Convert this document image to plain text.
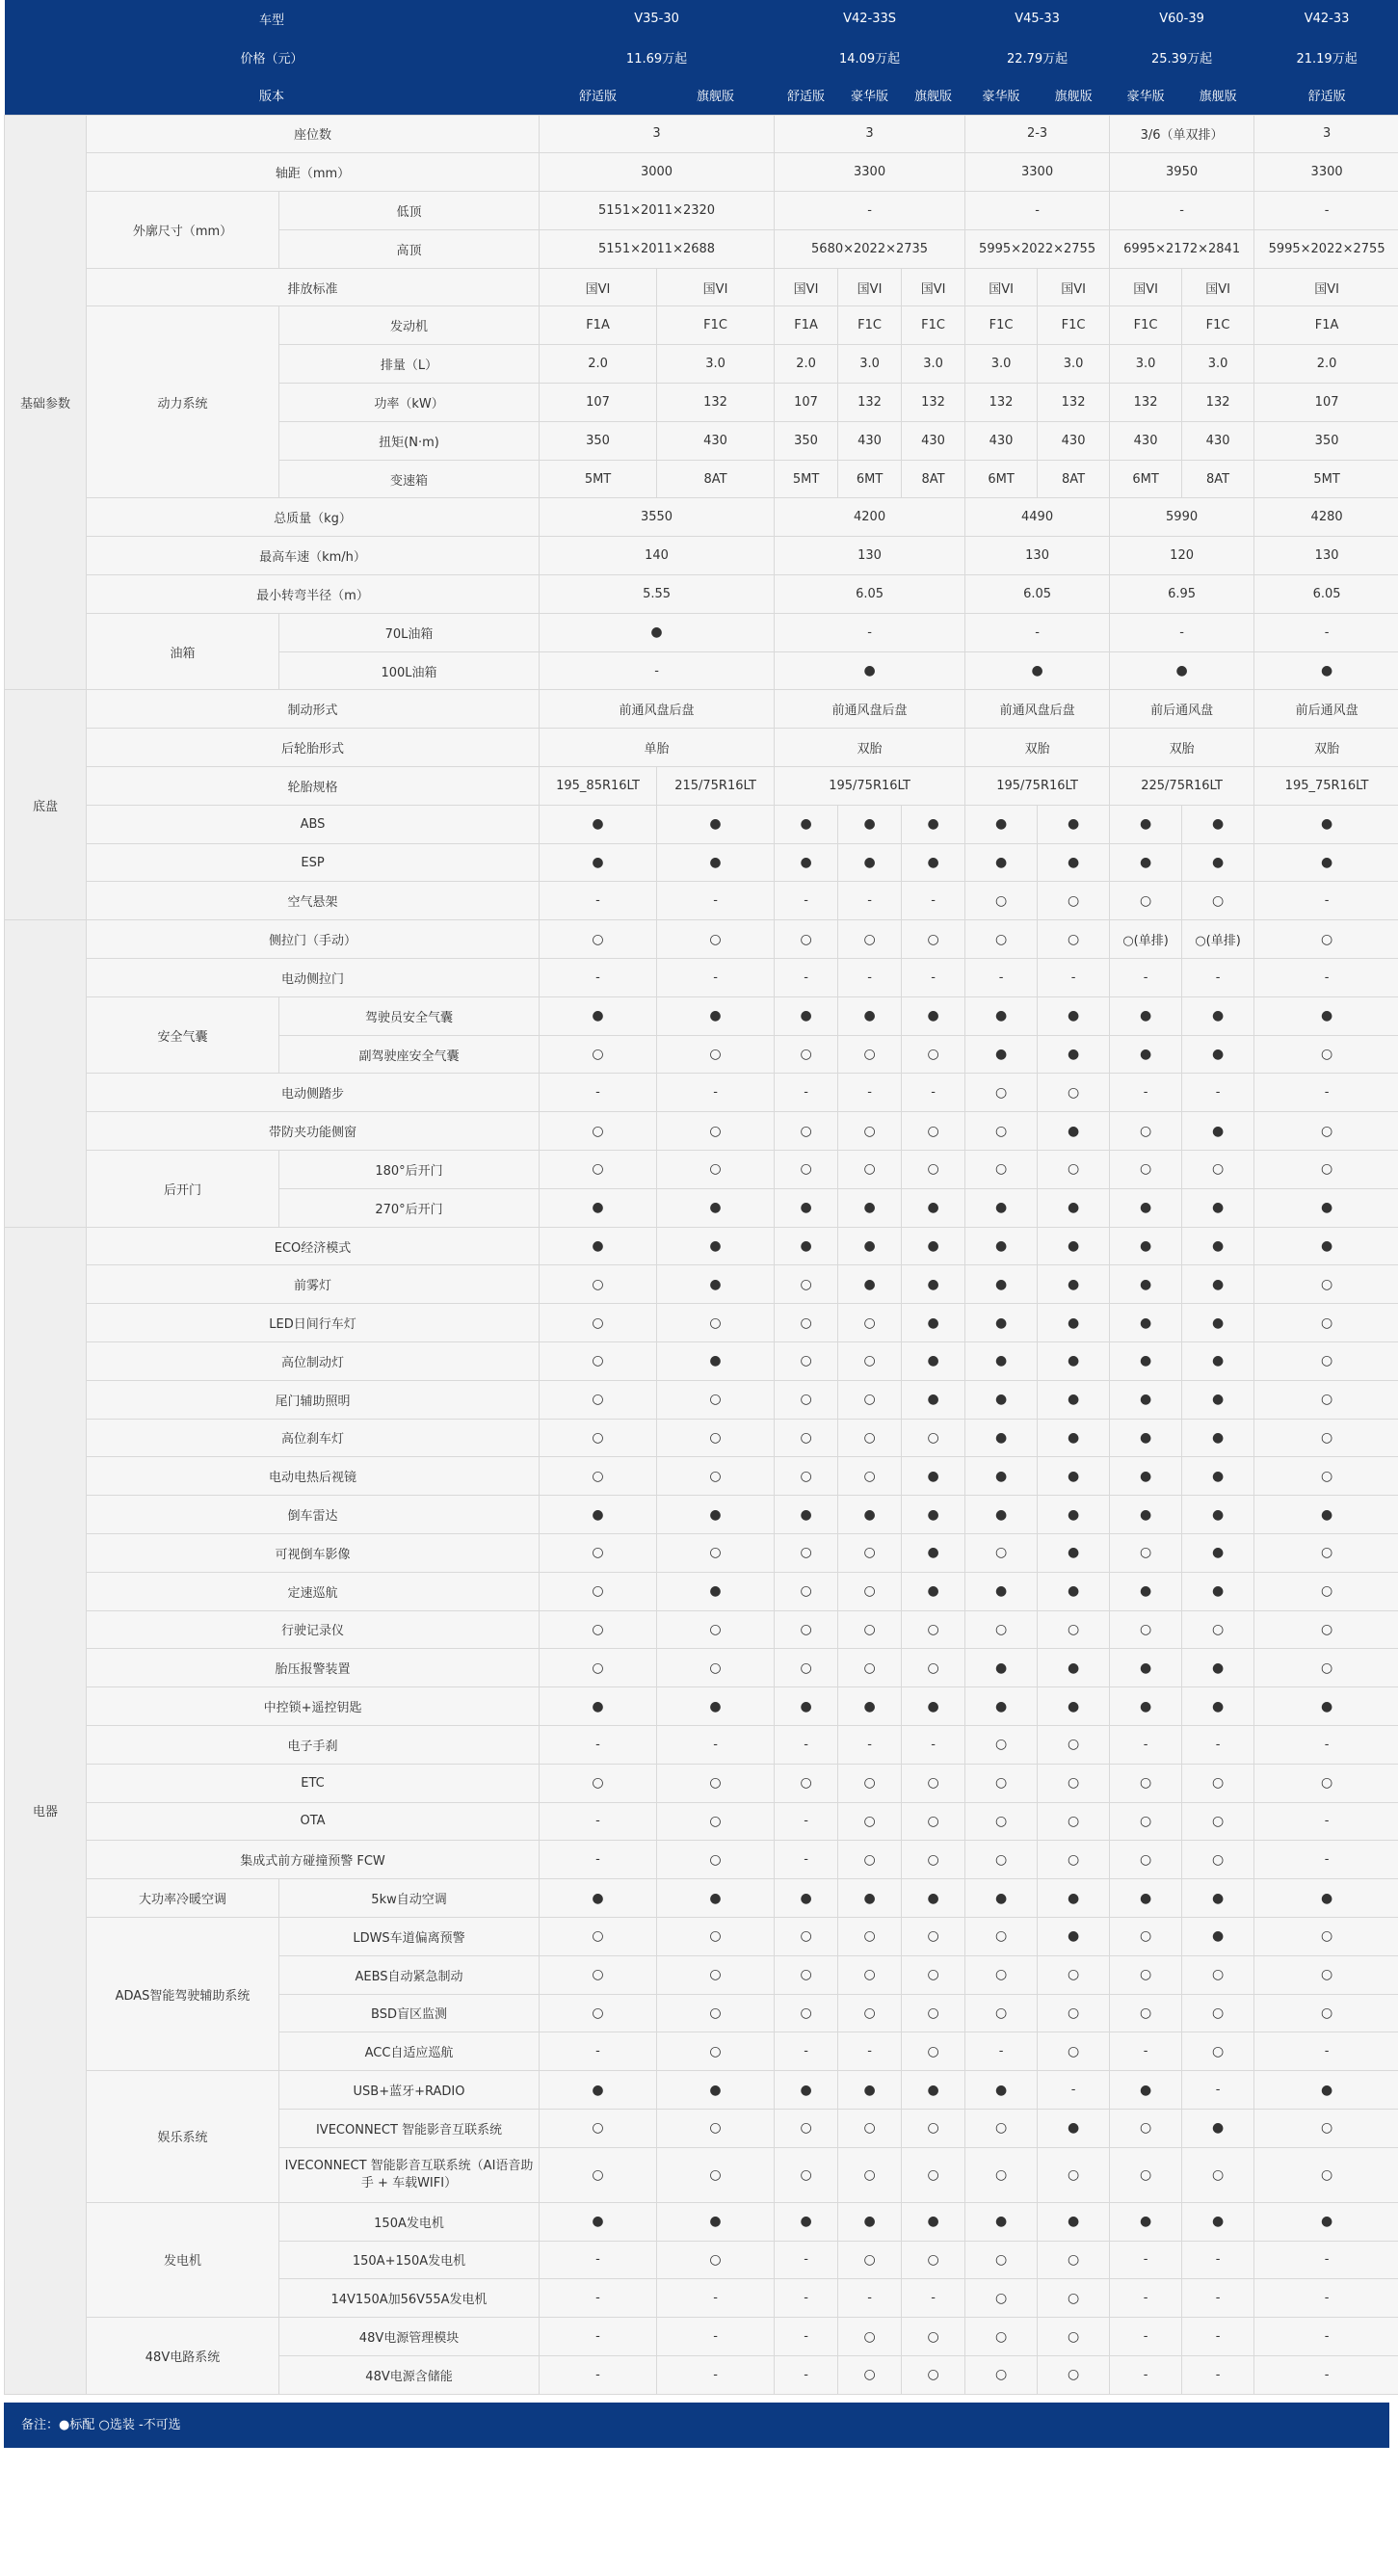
车型			V35-30		V42-33S			V45-33		V60-39		V42-33
价格（元）			11.69万起		14.09万起			22.79万起		25.39万起		21.19万起
版本			舒适版	旗舰版	舒适版	豪华版	旗舰版	豪华版	旗舰版	豪华版	旗舰版	舒适版
基础参数	座位数		3		3			2-3		3/6（单双排）		3
	轴距（mm）		3000		3300			3300		3950		3300
	外廓尺寸（mm）	低顶	5151×2011×2320		-			-		-		-
		高顶	5151×2011×2688		5680×2022×2735			5995×2022×2755		6995×2172×2841		5995×2022×2755
	排放标准		国VI	国VI	国VI	国VI	国VI	国VI	国VI	国VI	国VI	国VI
	动力系统	发动机	F1A	F1C	F1A	F1C	F1C	F1C	F1C	F1C	F1C	F1A
		排量（L）	2.0	3.0	2.0	3.0	3.0	3.0	3.0	3.0	3.0	2.0
		功率（kW）	107	132	107	132	132	132	132	132	132	107
		扭矩(N·m)	350	430	350	430	430	430	430	430	430	350
		变速箱	5MT	8AT	5MT	6MT	8AT	6MT	8AT	6MT	8AT	5MT
	总质量（kg）		3550		4200			4490		5990		4280
	最高车速（km/h）		140		130			130		120		130
	最小转弯半径（m）		5.55		6.05			6.05		6.95		6.05
	油箱	70L油箱	●		-			-		-		-
		100L油箱	-		●			●		●		●
底盘	制动形式		前通风盘后盘		前通风盘后盘			前通风盘后盘		前后通风盘		前后通风盘
	后轮胎形式		单胎		双胎			双胎		双胎		双胎
	轮胎规格		195_85R16LT	215/75R16LT	195/75R16LT			195/75R16LT		225/75R16LT		195_75R16LT
	ABS		●	●	●	●	●	●	●	●	●	●
	ESP		●	●	●	●	●	●	●	●	●	●
	空气悬架		-	-	-	-	-	○	○	○	○	-
	侧拉门（手动）		○	○	○	○	○	○	○	○(单排)	○(单排)	○
	电动侧拉门		-	-	-	-	-	-	-	-	-	-
	安全气囊	驾驶员安全气囊	●	●	●	●	●	●	●	●	●	●
		副驾驶座安全气囊	○	○	○	○	○	●	●	●	●	○
	电动侧踏步		-	-	-	-	-	○	○	-	-	-
	带防夹功能侧窗		○	○	○	○	○	○	●	○	●	○
	后开门	180°后开门	○	○	○	○	○	○	○	○	○	○
		270°后开门	●	●	●	●	●	●	●	●	●	●
电器	ECO经济模式		●	●	●	●	●	●	●	●	●	●
	前雾灯		○	●	○	●	●	●	●	●	●	○
	LED日间行车灯		○	○	○	○	●	●	●	●	●	○
	高位制动灯		○	●	○	○	●	●	●	●	●	○
	尾门辅助照明		○	○	○	○	●	●	●	●	●	○
	高位刹车灯		○	○	○	○	○	●	●	●	●	○
	电动电热后视镜		○	○	○	○	●	●	●	●	●	○
	倒车雷达		●	●	●	●	●	●	●	●	●	●
	可视倒车影像		○	○	○	○	●	○	●	○	●	○
	定速巡航		○	●	○	○	●	●	●	●	●	○
	行驶记录仪		○	○	○	○	○	○	○	○	○	○
	胎压报警装置		○	○	○	○	○	●	●	●	●	○
	中控锁+遥控钥匙		●	●	●	●	●	●	●	●	●	●
	电子手刹		-	-	-	-	-	○	○	-	-	-
	ETC		○	○	○	○	○	○	○	○	○	○
	OTA		-	○	-	○	○	○	○	○	○	-
	集成式前方碰撞预警 FCW		-	○	-	○	○	○	○	○	○	-
	大功率冷暖空调	5kw自动空调	●	●	●	●	●	●	●	●	●	●
	ADAS智能驾驶辅助系统	LDWS车道偏离预警	○	○	○	○	○	○	●	○	●	○
		AEBS自动紧急制动	○	○	○	○	○	○	○	○	○	○
		BSD盲区监测	○	○	○	○	○	○	○	○	○	○
		ACC自适应巡航	-	○	-	-	○	-	○	-	○	-
	娱乐系统	USB+蓝牙+RADIO	●	●	●	●	●	●	-	●	-	●
		IVECONNECT 智能影音互联系统	○	○	○	○	○	○	●	○	●	○
		IVECONNECT 智能影音互联系统（AI语音助手 + 车载WIFI）	○	○	○	○	○	○	○	○	○	○
	发电机	150A发电机	●	●	●	●	●	●	●	●	●	●
		150A+150A发电机	-	○	-	○	○	○	○	-	-	-
		14V150A加56V55A发电机	-	-	-	-	-	○	○	-	-	-
	48V电路系统	48V电源管理模块	-	-	-	○	○	○	○	-	-	-
		48V电源含储能	-	-	-	○	○	○	○	-	-	-
备注：●标配 ○选装 -不可选
